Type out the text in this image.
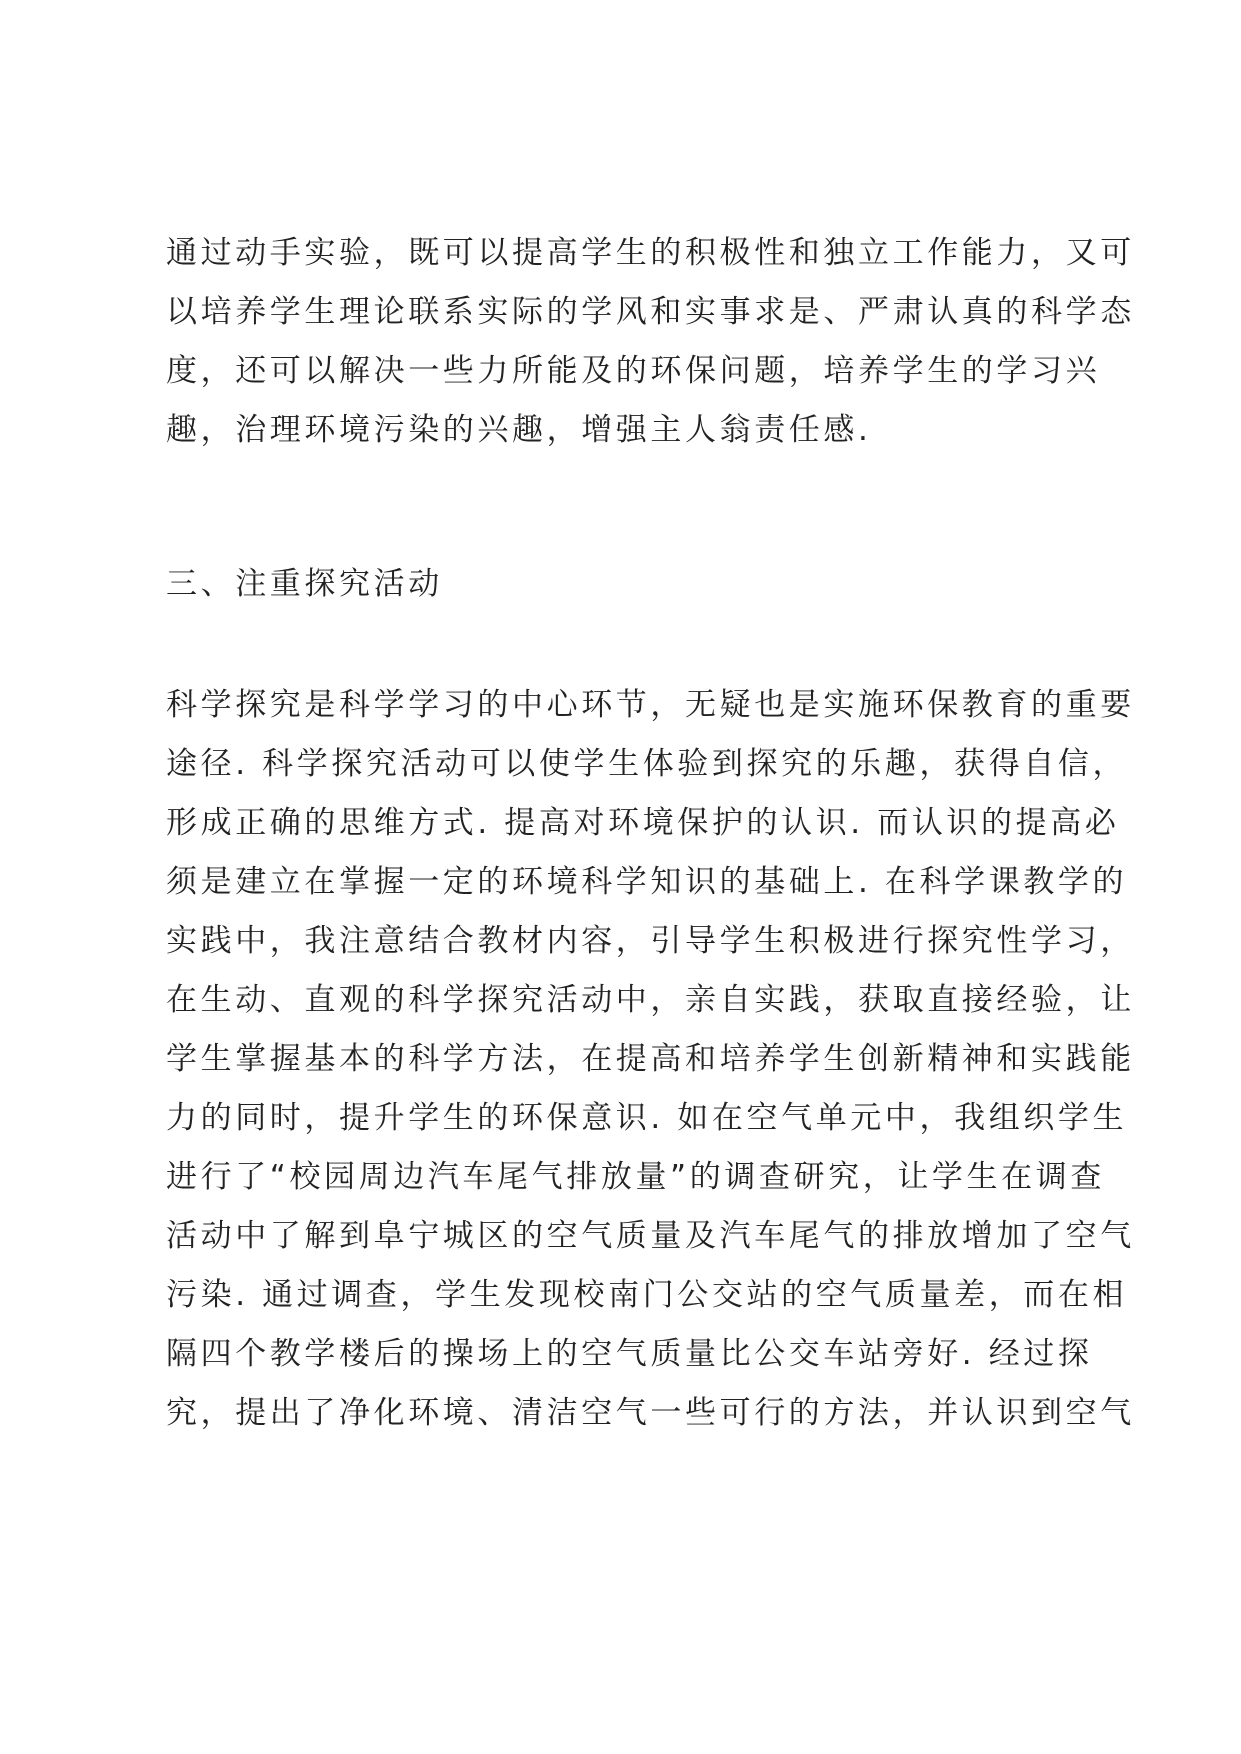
通过动手实验，既可以提高学生的积极性和独立工作能力，又可
以培养学生理论联系实际的学风和实事求是、严肃认真的科学态
度，还可以解决一些力所能及的环保问题，培养学生的学习兴
趣，治理环境污染的兴趣，增强主人翁责任感.
三、注重探究活动
科学探究是科学学习的中心环节，无疑也是实施环保教育的重要
途径. 科学探究活动可以使学生体验到探究的乐趣，获得自信，
形成正确的思维方式. 提高对环境保护的认识. 而认识的提高必
须是建立在掌握一定的环境科学知识的基础上. 在科学课教学的
实践中，我注意结合教材内容，引导学生积极进行探究性学习，
在生动、直观的科学探究活动中，亲自实践，获取直接经验，让
学生掌握基本的科学方法，在提高和培养学生创新精神和实践能
力的同时，提升学生的环保意识. 如在空气单元中，我组织学生
进行了“校园周边汽车尾气排放量”的调查研究，让学生在调查
活动中了解到阜宁城区的空气质量及汽车尾气的排放增加了空气
污染. 通过调查，学生发现校南门公交站的空气质量差，而在相
隔四个教学楼后的操场上的空气质量比公交车站旁好. 经过探
究，提出了净化环境、清洁空气一些可行的方法，并认识到空气
